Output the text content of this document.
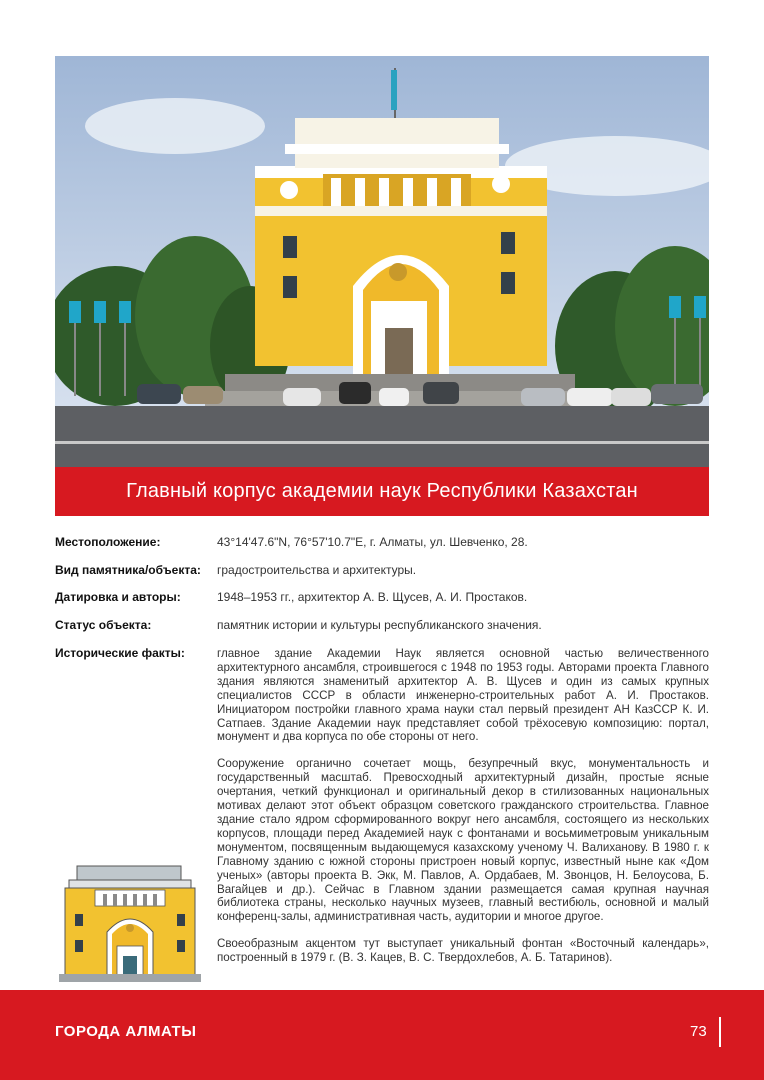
Главный корпус академии наук Республики Казахстан
Местоположение:	43°14'47.6"N, 76°57'10.7"E, г. Алматы, ул. Шевченко, 28.
Вид памятника/объекта:	градостроительства и архитектуры.
Датировка и авторы:	1948–1953 гг., архитектор А. В. Щусев, А. И. Простаков.
Статус объекта:	памятник истории и культуры республиканского значения.
Исторические факты:	главное здание Академии Наук является основной частью величественного архитектурного ансамбля, строившегося с 1948 по 1953 годы. Авторами проекта Главного здания являются знаменитый архитектор А. В. Щусев и один из самых крупных специалистов СССР в области инженерно-строительных работ А. И. Простаков. Инициатором постройки главного храма науки стал первый президент АН КазССР К. И. Сатпаев. Здание Академии наук представляет собой трёхосевую композицию: портал, монумент и два корпуса по обе стороны от него.

Сооружение органично сочетает мощь, безупречный вкус, монументальность и государственный масштаб. Превосходный архитектурный дизайн, простые ясные очертания, четкий функционал и оригинальный декор в стилизованных национальных мотивах делают этот объект образцом советского гражданского строительства. Главное здание стало ядром сформированного вокруг него ансамбля, состоящего из нескольких корпусов, площади перед Академией наук с фонтанами и восьмиметровым уникальным монументом, посвященным выдающемуся казахскому ученому Ч. Валиханову. В 1980 г. к Главному зданию с южной стороны пристроен новый корпус, известный ныне как «Дом ученых» (авторы проекта В. Экк, М. Павлов, А. Ордабаев, М. Звонцов, Н. Белоусова, Б. Вагайцев и др.). Сейчас в Главном здании размещается самая крупная научная библиотека страны, несколько научных музеев, главный вестибюль, основной и малый конференц-залы, административная часть, аудитории и многое другое.

Своеобразным акцентом тут выступает уникальный фонтан «Восточный календарь», построенный в 1979 г. (В. З. Кацев, В. С. Твердохлебов, А. Б. Татаринов).

ГОРОДА АЛМАТЫ	73
